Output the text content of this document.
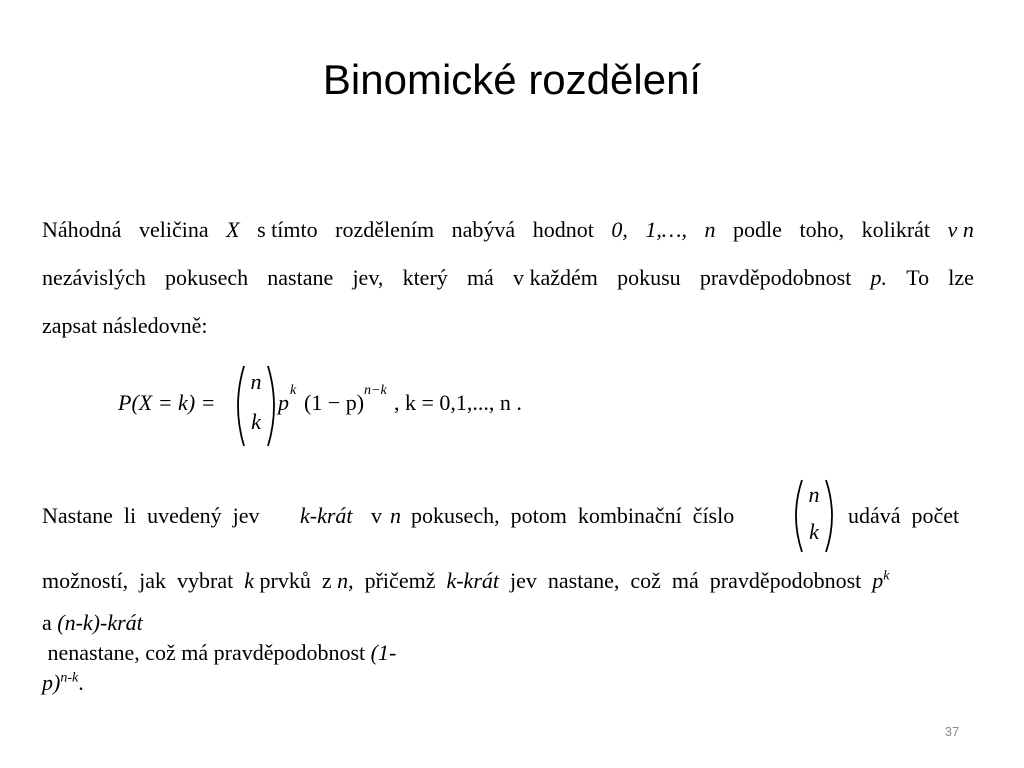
Binomické rozdělení
Náhodná veličina X s tímto rozdělením nabývá hodnot 0, 1,…, n podle toho, kolikrát v n
nezávislých pokusech nastane jev, který má v každém pokusu pravděpodobnost p. To lze
zapsat následovně:
P(X = k) =
n
k
p k (1 − p) n−k , k = 0,1,..., n .
Nastane  li  uvedený  jev k-krát v n pokusech,  potom  kombinační  číslo
n
k
udává  počet
možností,  jak  vybrat  k prvků  z n,  přičemž  k-krát  jev  nastane,  což  má  pravděpodobnost  $p^k$
a (n-k)-krát nenastane, což má pravděpodobnost $(1-p)^{n-k}$.
37
